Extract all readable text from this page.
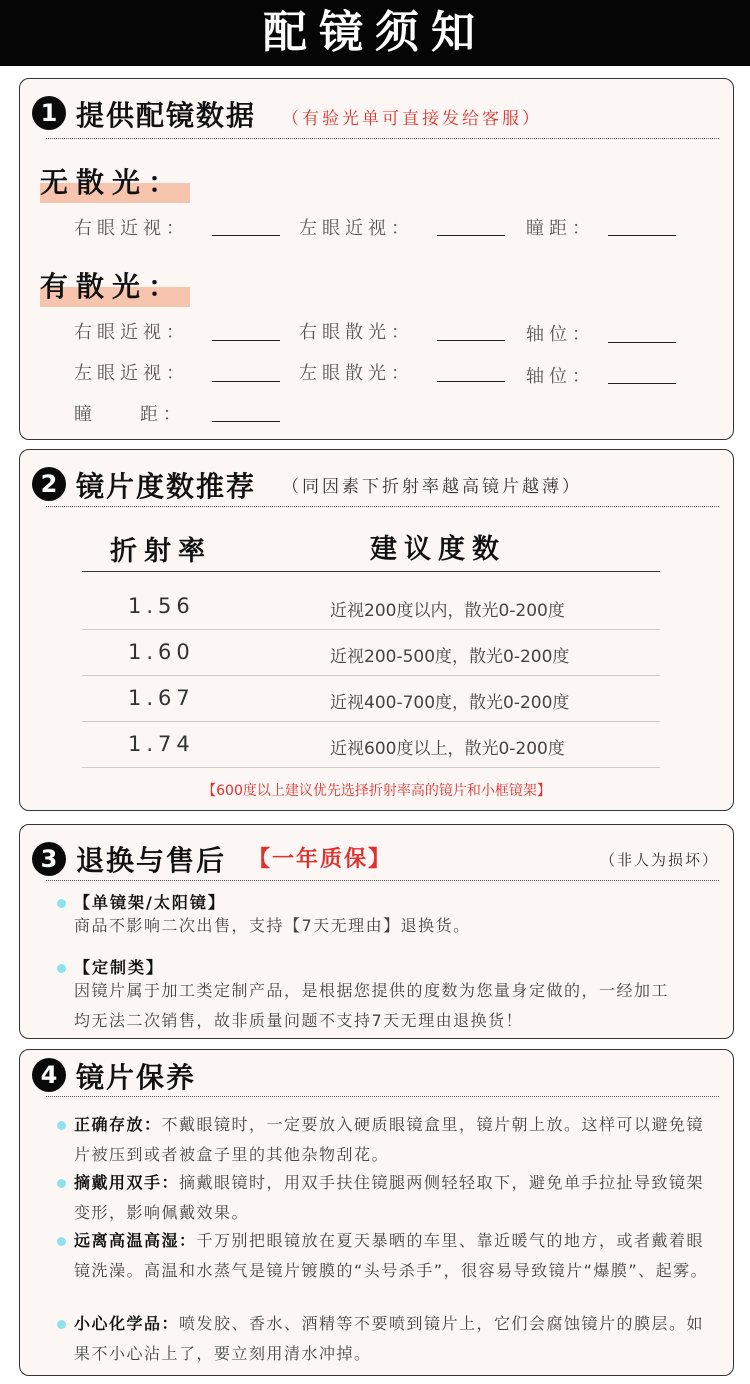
配镜须知
1 提供配镜数据 （有验光单可直接发给客服）
无散光：
右眼近视：	左眼近视：	瞳距：
有散光：
右眼近视：	右眼散光：	轴位：
左眼近视：	左眼散光：	轴位：
瞳    距：
2 镜片度数推荐 （同因素下折射率越高镜片越薄）
折射率	建议度数
1.56	近视200度以内，散光0-200度
1.60	近视200-500度，散光0-200度
1.67	近视400-700度，散光0-200度
1.74	近视600度以上，散光0-200度
【600度以上建议优先选择折射率高的镜片和小框镜架】
3 退换与售后 【一年质保】	（非人为损坏）
【单镜架/太阳镜】
商品不影响二次出售，支持【7天无理由】退换货。
【定制类】
因镜片属于加工类定制产品，是根据您提供的度数为您量身定做的，一经加工均无法二次销售，故非质量问题不支持7天无理由退换货！
4 镜片保养
正确存放：不戴眼镜时，一定要放入硬质眼镜盒里，镜片朝上放。这样可以避免镜片被压到或者被盒子里的其他杂物刮花。
摘戴用双手：摘戴眼镜时，用双手扶住镜腿两侧轻轻取下，避免单手拉扯导致镜架变形，影响佩戴效果。
远离高温高湿：千万别把眼镜放在夏天暴晒的车里、靠近暖气的地方，或者戴着眼镜洗澡。高温和水蒸气是镜片镀膜的“头号杀手”，很容易导致镜片“爆膜”、起雾。
小心化学品：喷发胶、香水、酒精等不要喷到镜片上，它们会腐蚀镜片的膜层。如果不小心沾上了，要立刻用清水冲掉。
